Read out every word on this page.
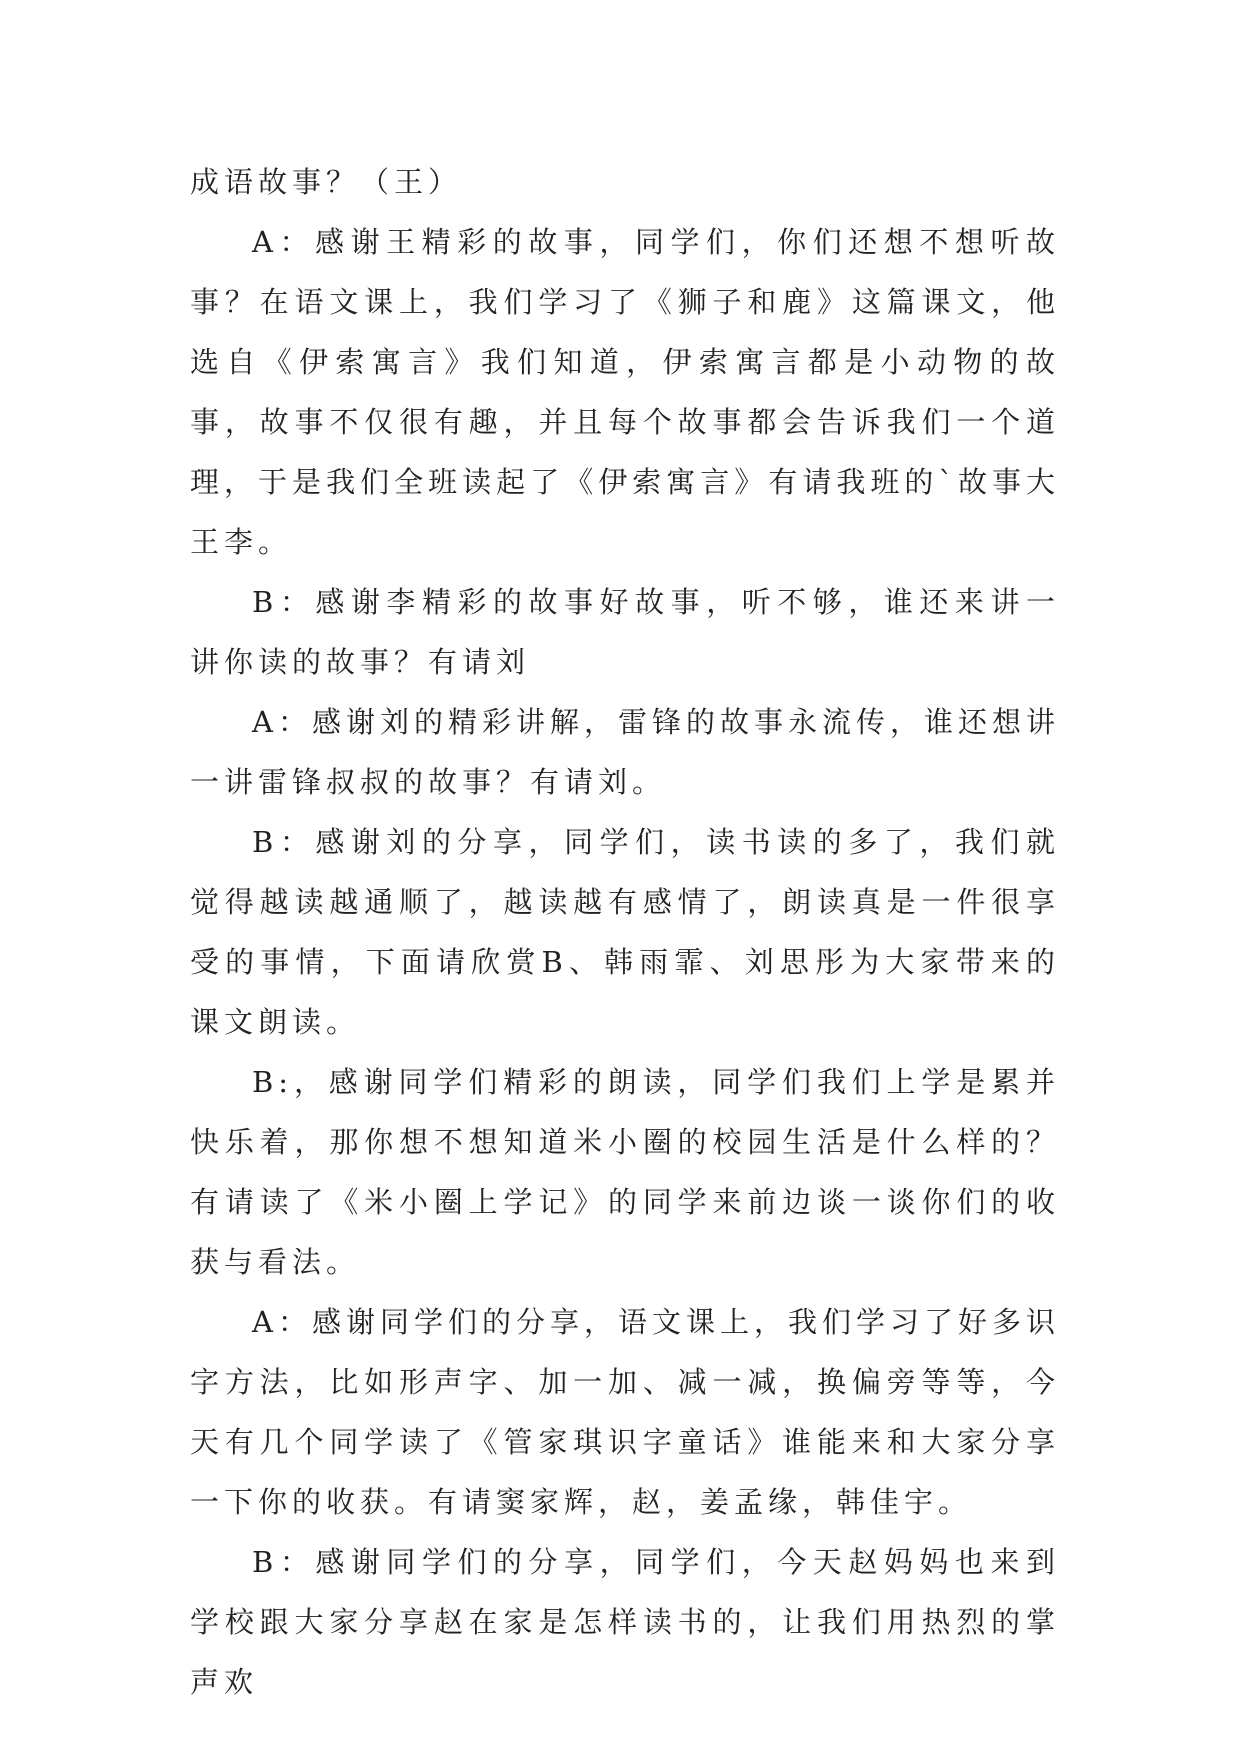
成语故事？（王）

A：感谢王精彩的故事，同学们，你们还想不想听故事？在语文课上，我们学习了《狮子和鹿》这篇课文，他选自《伊索寓言》我们知道，伊索寓言都是小动物的故事，故事不仅很有趣，并且每个故事都会告诉我们一个道理，于是我们全班读起了《伊索寓言》有请我班的`故事大王李。

B：感谢李精彩的故事好故事，听不够，谁还来讲一讲你读的故事？有请刘

A：感谢刘的精彩讲解，雷锋的故事永流传，谁还想讲一讲雷锋叔叔的故事？有请刘。

B：感谢刘的分享，同学们，读书读的多了，我们就觉得越读越通顺了，越读越有感情了，朗读真是一件很享受的事情，下面请欣赏B、韩雨霏、刘思彤为大家带来的课文朗读。

B:，感谢同学们精彩的朗读，同学们我们上学是累并快乐着，那你想不想知道米小圈的校园生活是什么样的？有请读了《米小圈上学记》的同学来前边谈一谈你们的收获与看法。

A：感谢同学们的分享，语文课上，我们学习了好多识字方法，比如形声字、加一加、减一减，换偏旁等等，今天有几个同学读了《管家琪识字童话》谁能来和大家分享一下你的收获。有请窦家辉，赵，姜孟缘，韩佳宇。

B：感谢同学们的分享，同学们，今天赵妈妈也来到学校跟大家分享赵在家是怎样读书的，让我们用热烈的掌声欢
